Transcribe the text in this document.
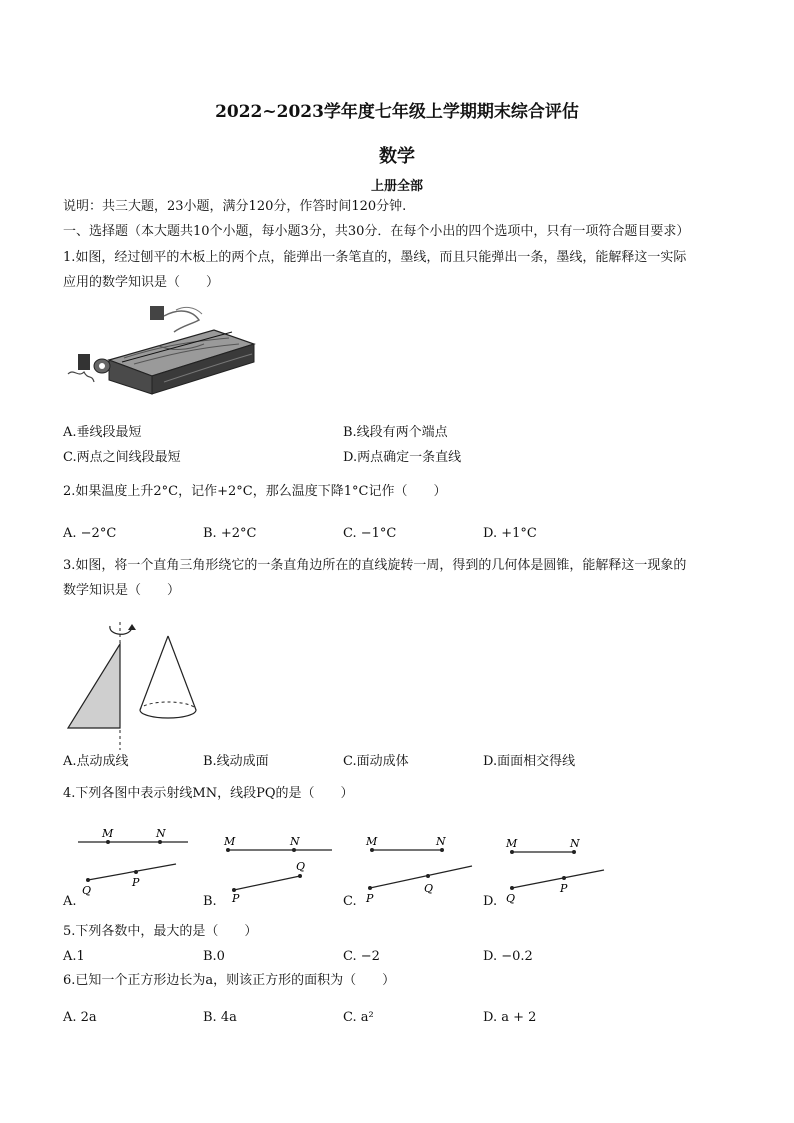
2022~2023学年度七年级上学期期末综合评估
数学
上册全部
说明：共三大题，23小题，满分120分，作答时间120分钟.
一、选择题（本大题共10个小题，每小题3分，共30分．在每个小出的四个选项中，只有一项符合题目要求）
1.如图，经过刨平的木板上的两个点，能弹出一条笔直的，墨线，而且只能弹出一条，墨线，能解释这一实际
应用的数学知识是（　　）
A.垂线段最短	B.线段有两个端点
C.两点之间线段最短	D.两点确定一条直线
2.如果温度上升2°C，记作+2°C，那么温度下降1°C记作（　　）
A. −2°C	B. +2°C	C. −1°C	D. +1°C
3.如图，将一个直角三角形绕它的一条直角边所在的直线旋转一周，得到的几何体是圆锥，能解释这一现象的
数学知识是（　　）
A.点动成线	B.线动成面	C.面动成体	D.面面相交得线
4.下列各图中表示射线MN，线段PQ的是（　　）
M	N
Q
P
A.
M	N
P
Q
B.
M	N
P
Q
C.
M	N
Q
P
D.
5.下列各数中，最大的是（　　）
A.1	B.0	C. −2	D. −0.2
6.已知一个正方形边长为a，则该正方形的面积为（　　）
A. 2a	B. 4a	C. a²	D. a + 2
